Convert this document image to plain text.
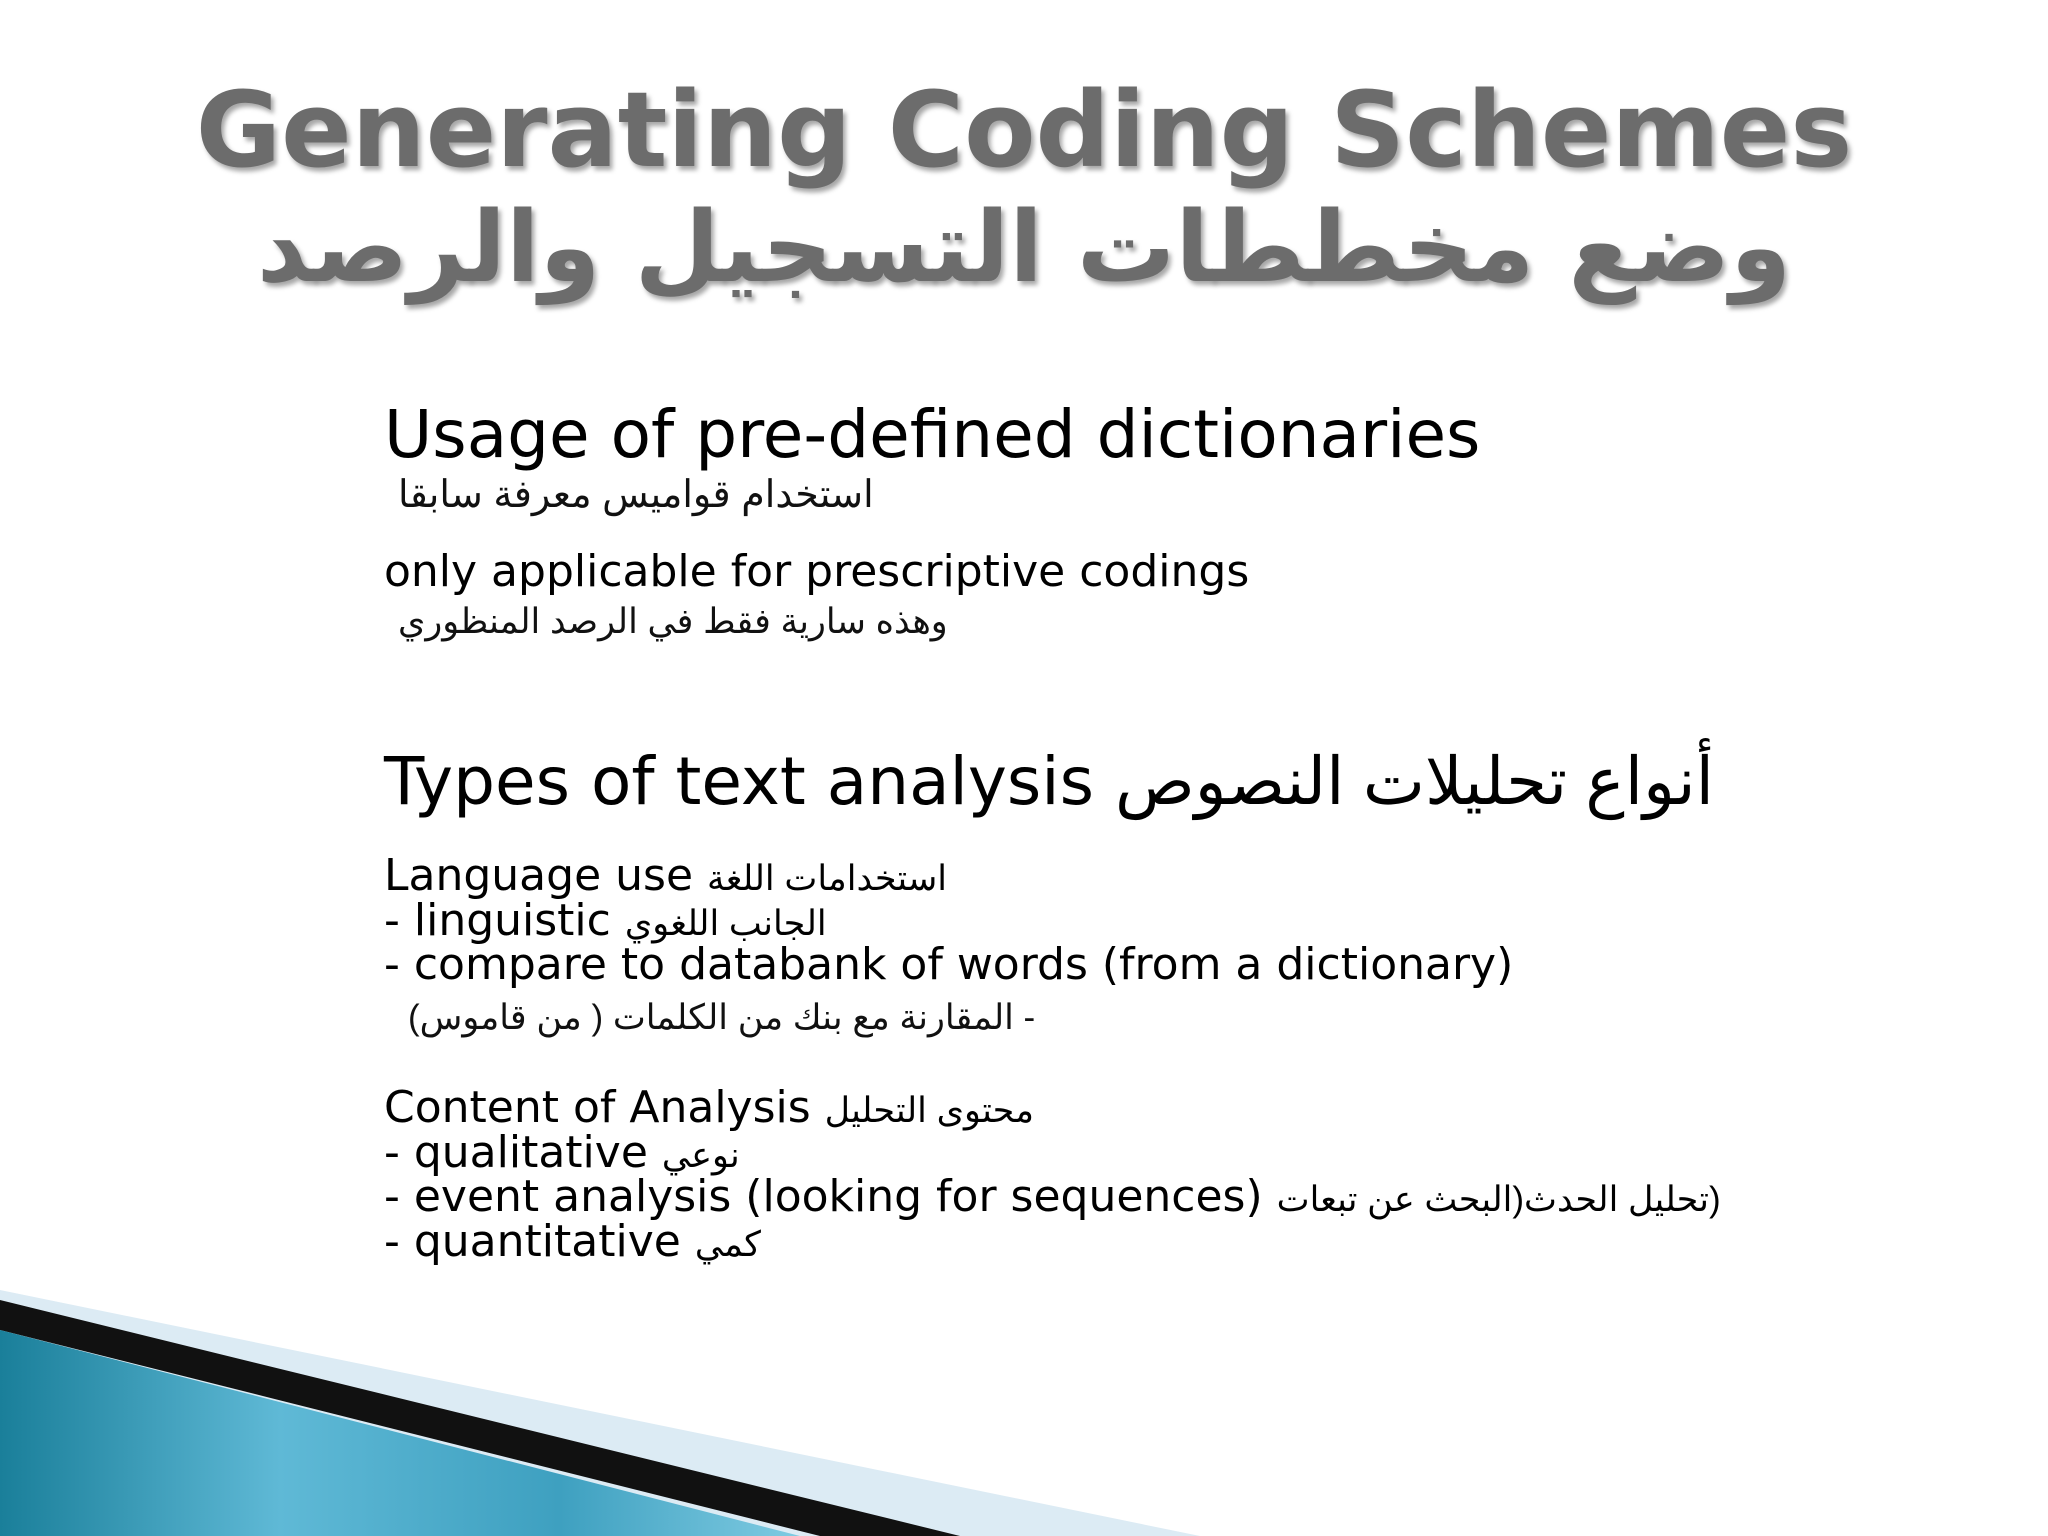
Generating Coding Schemes
وضع مخططات التسجيل والرصد
Usage of pre-defined dictionaries
استخدام قواميس معرفة سابقا
only applicable for prescriptive codings
وهذه سارية فقط في الرصد المنظوري
Types of text analysis أنواع تحليلات النصوص
Language use استخدامات اللغة
- linguistic الجانب اللغوي
- compare to databank of words (from a dictionary)
- المقارنة مع بنك من الكلمات ( من قاموس)
Content of Analysis محتوى التحليل
- qualitative نوعي
- event analysis (looking for sequences) (تحليل الحدث(البحث عن تبعات
- quantitative كمي
